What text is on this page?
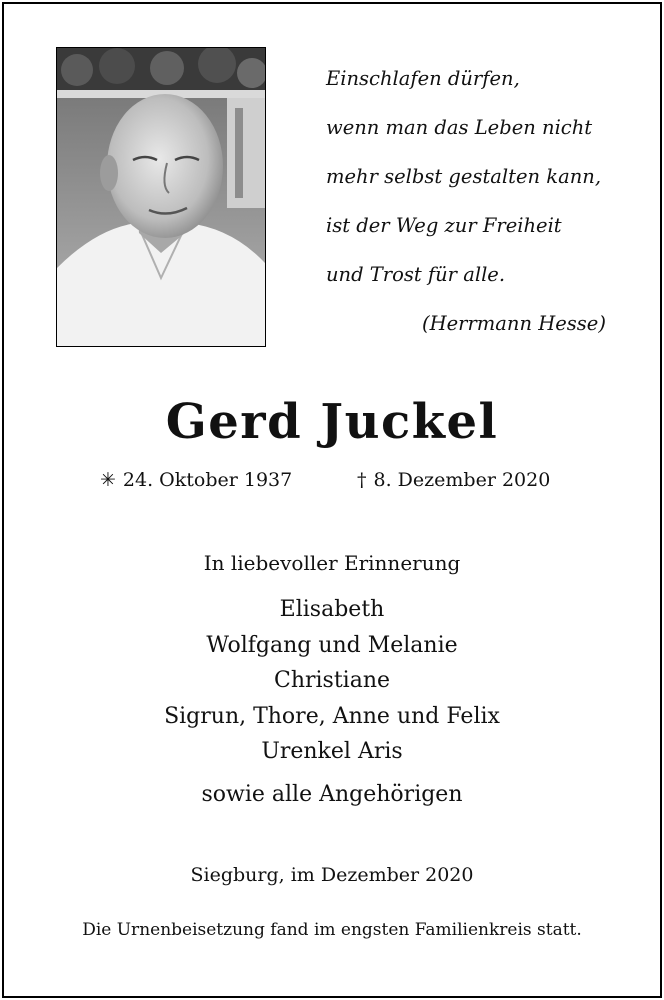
Einschlafen dürfen,
wenn man das Leben nicht
mehr selbst gestalten kann,
ist der Weg zur Freiheit
und Trost für alle.
(Herrmann Hesse)
Gerd Juckel
✳ 24. Oktober 1937	† 8. Dezember 2020

In liebevoller Erinnerung

Elisabeth
Wolfgang und Melanie
Christiane
Sigrun, Thore, Anne und Felix
Urenkel Aris

sowie alle Angehörigen

Siegburg, im Dezember 2020

Die Urnenbeisetzung fand im engsten Familienkreis statt.
